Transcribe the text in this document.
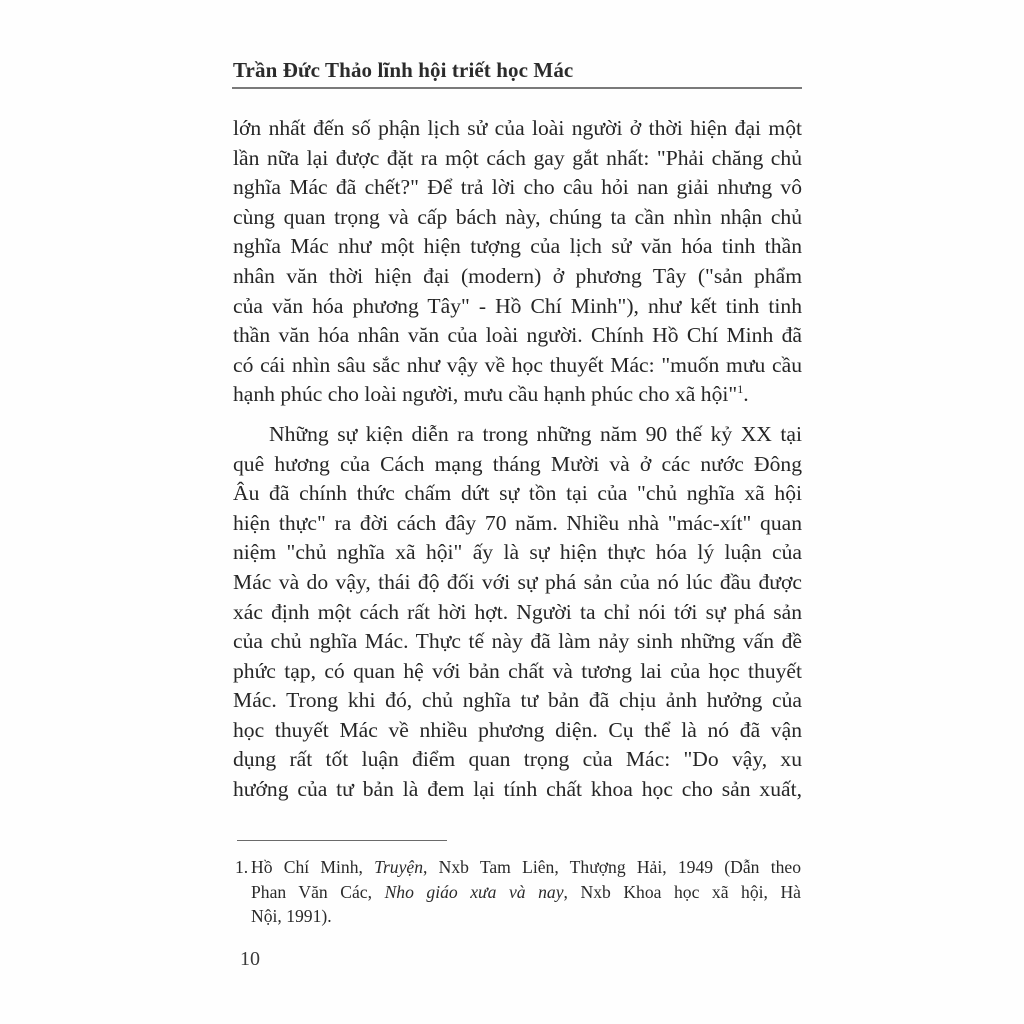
Trần Đức Thảo lĩnh hội triết học Mác

lớn nhất đến số phận lịch sử của loài người ở thời hiện đại một
lần nữa lại được đặt ra một cách gay gắt nhất: "Phải chăng chủ
nghĩa Mác đã chết?" Để trả lời cho câu hỏi nan giải nhưng vô
cùng quan trọng và cấp bách này, chúng ta cần nhìn nhận chủ
nghĩa Mác như một hiện tượng của lịch sử văn hóa tinh thần
nhân văn thời hiện đại (modern) ở phương Tây ("sản phẩm
của văn hóa phương Tây" - Hồ Chí Minh"), như kết tinh tinh
thần văn hóa nhân văn của loài người. Chính Hồ Chí Minh đã
có cái nhìn sâu sắc như vậy về học thuyết Mác: "muốn mưu cầu
hạnh phúc cho loài người, mưu cầu hạnh phúc cho xã hội"$^1$.

Những sự kiện diễn ra trong những năm 90 thế kỷ XX tại
quê hương của Cách mạng tháng Mười và ở các nước Đông
Âu đã chính thức chấm dứt sự tồn tại của "chủ nghĩa xã hội
hiện thực" ra đời cách đây 70 năm. Nhiều nhà "mác-xít" quan
niệm "chủ nghĩa xã hội" ấy là sự hiện thực hóa lý luận của
Mác và do vậy, thái độ đối với sự phá sản của nó lúc đầu được
xác định một cách rất hời hợt. Người ta chỉ nói tới sự phá sản
của chủ nghĩa Mác. Thực tế này đã làm nảy sinh những vấn đề
phức tạp, có quan hệ với bản chất và tương lai của học thuyết
Mác. Trong khi đó, chủ nghĩa tư bản đã chịu ảnh hưởng của
học thuyết Mác về nhiều phương diện. Cụ thể là nó đã vận
dụng rất tốt luận điểm quan trọng của Mác: "Do vậy, xu
hướng của tư bản là đem lại tính chất khoa học cho sản xuất,

1. Hồ Chí Minh, Truyện, Nxb Tam Liên, Thượng Hải, 1949 (Dẫn theo
Phan Văn Các, Nho giáo xưa và nay, Nxb Khoa học xã hội, Hà
Nội, 1991).
10
